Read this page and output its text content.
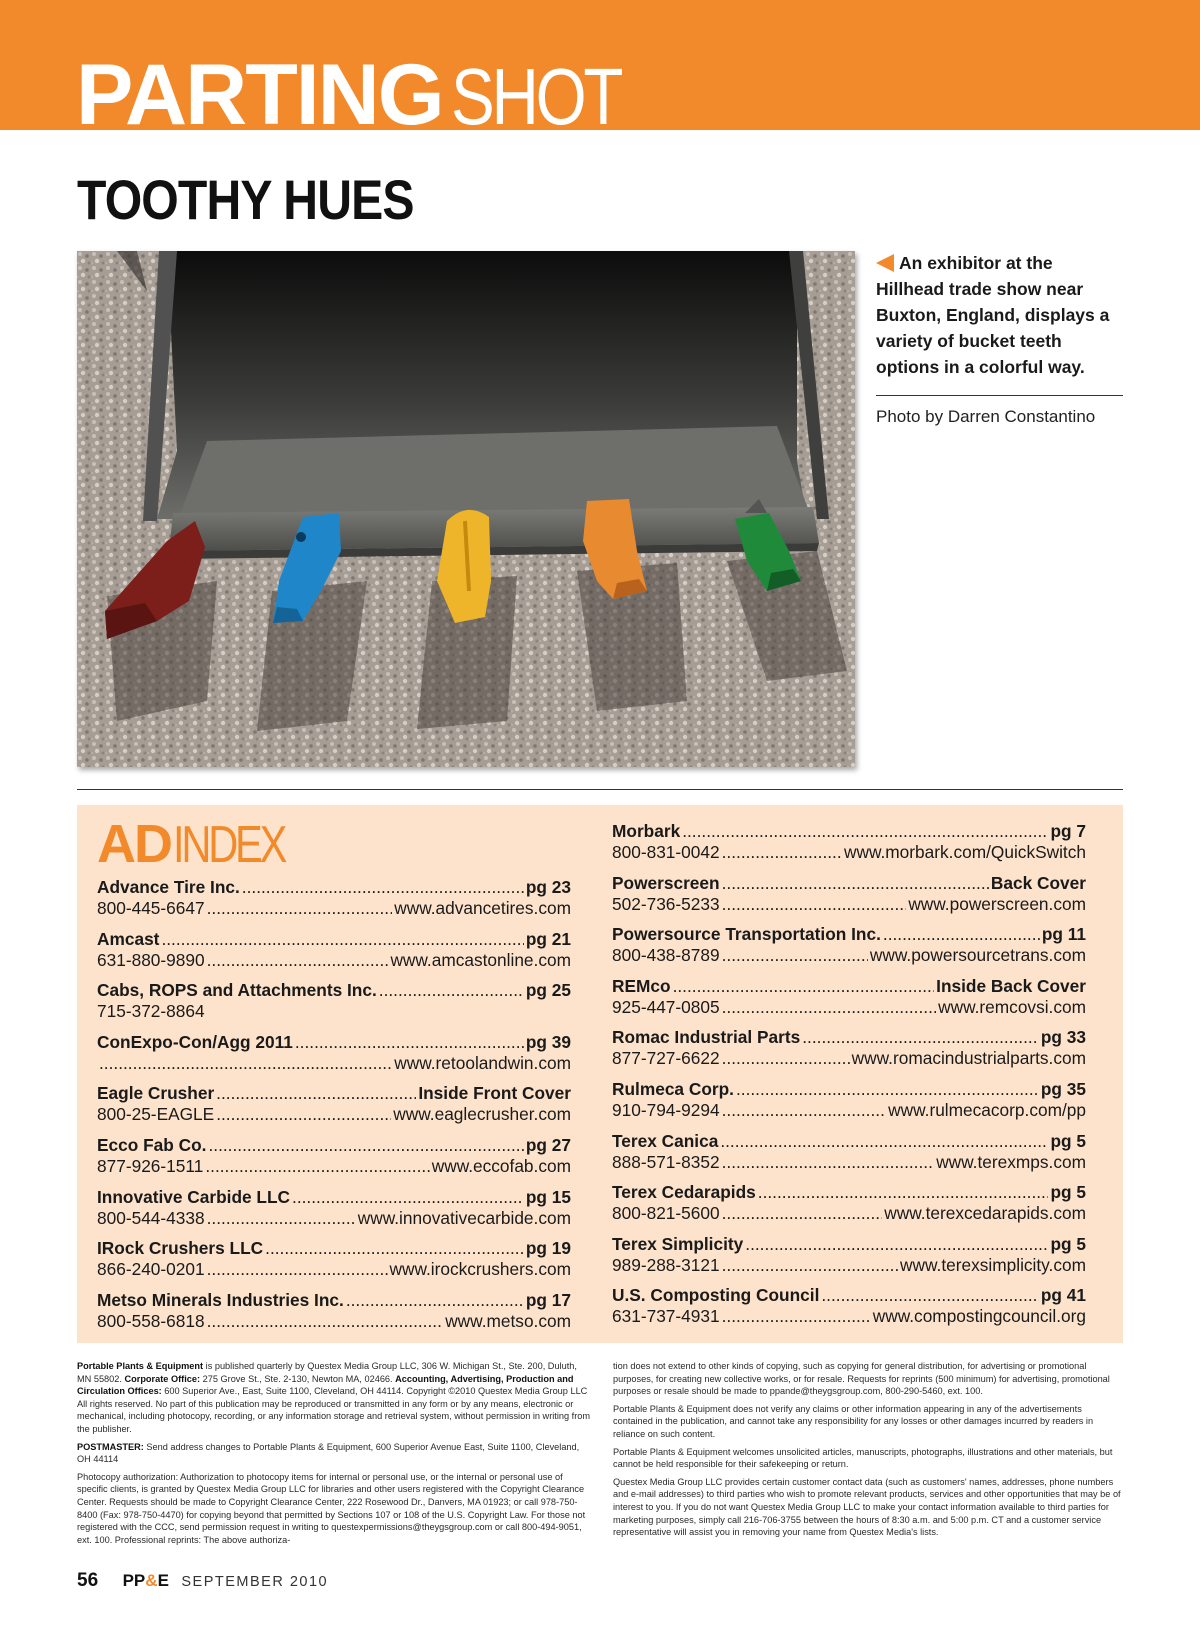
PARTING SHOT
TOOTHY HUES
An exhibitor at the Hillhead trade show near Buxton, England, displays a variety of bucket teeth options in a colorful way.
Photo by Darren Constantino
ADINDEX
Advance Tire Inc. .....	pg 23
800-445-6647 .....	www.advancetires.com
Amcast .....	pg 21
631-880-9890 .....	www.amcastonline.com
Cabs, ROPS and Attachments Inc. .....	pg 25
715-372-8864
ConExpo-Con/Agg 2011 .....	pg 39
.....
www.retoolandwin.com
Eagle Crusher .....	Inside Front Cover
800-25-EAGLE .....	www.eaglecrusher.com
Ecco Fab Co. .....	pg 27
877-926-1511 .....	www.eccofab.com
Innovative Carbide LLC .....	pg 15
800-544-4338 .....	www.innovativecarbide.com
IRock Crushers LLC .....	pg 19
866-240-0201 .....	www.irockcrushers.com
Metso Minerals Industries Inc. .....	pg 17
800-558-6818 .....	www.metso.com
Morbark .....	pg 7
800-831-0042 .....	www.morbark.com/QuickSwitch
Powerscreen .....	Back Cover
502-736-5233 .....	www.powerscreen.com
Powersource Transportation Inc. .....	pg 11
800-438-8789 .....	www.powersourcetrans.com
REMco .....	Inside Back Cover
925-447-0805 .....	www.remcovsi.com
Romac Industrial Parts .....	pg 33
877-727-6622 .....	www.romacindustrialparts.com
Rulmeca Corp. .....	pg 35
910-794-9294 .....	www.rulmecacorp.com/pp
Terex Canica .....	pg 5
888-571-8352 .....	www.terexmps.com
Terex Cedarapids .....	pg 5
800-821-5600 .....	www.terexcedarapids.com
Terex Simplicity .....	pg 5
989-288-3121 .....	www.terexsimplicity.com
U.S. Composting Council .....	pg 41
631-737-4931 .....	www.compostingcouncil.org

Portable Plants & Equipment is published quarterly by Questex Media Group LLC, 306 W. Michigan St., Ste. 200, Duluth, MN 55802. Corporate Office: 275 Grove St., Ste. 2-130, Newton MA, 02466. Accounting, Advertising, Production and Circulation Offices: 600 Superior Ave., East, Suite 1100, Cleveland, OH 44114. Copyright ©2010 Questex Media Group LLC All rights reserved. No part of this publication may be reproduced or transmitted in any form or by any means, electronic or mechanical, including photocopy, recording, or any information storage and retrieval system, without permission in writing from the publisher.

POSTMASTER: Send address changes to Portable Plants & Equipment, 600 Superior Avenue East, Suite 1100, Cleveland, OH 44114

Photocopy authorization: Authorization to photocopy items for internal or personal use, or the internal or personal use of specific clients, is granted by Questex Media Group LLC for libraries and other users registered with the Copyright Clearance Center. Requests should be made to Copyright Clearance Center, 222 Rosewood Dr., Danvers, MA 01923; or call 978-750-8400 (Fax: 978-750-4470) for copying beyond that permitted by Sections 107 or 108 of the U.S. Copyright Law. For those not registered with the CCC, send permission request in writing to questexpermissions@theygsgroup.com or call 800-494-9051, ext. 100. Professional reprints: The above authoriza-

tion does not extend to other kinds of copying, such as copying for general distribution, for advertising or promotional purposes, for creating new collective works, or for resale. Requests for reprints (500 minimum) for advertising, promotional purposes or resale should be made to ppande@theygsgroup.com, 800-290-5460, ext. 100.

Portable Plants & Equipment does not verify any claims or other information appearing in any of the advertisements contained in the publication, and cannot take any responsibility for any losses or other damages incurred by readers in reliance on such content.

Portable Plants & Equipment welcomes unsolicited articles, manuscripts, photographs, illustrations and other materials, but cannot be held responsible for their safekeeping or return.

Questex Media Group LLC provides certain customer contact data (such as customers' names, addresses, phone numbers and e-mail addresses) to third parties who wish to promote relevant products, services and other opportunities that may be of interest to you. If you do not want Questex Media Group LLC to make your contact information available to third parties for marketing purposes, simply call 216-706-3755 between the hours of 8:30 a.m. and 5:00 p.m. CT and a customer service representative will assist you in removing your name from Questex Media's lists.

56 PP&E SEPTEMBER 2010
